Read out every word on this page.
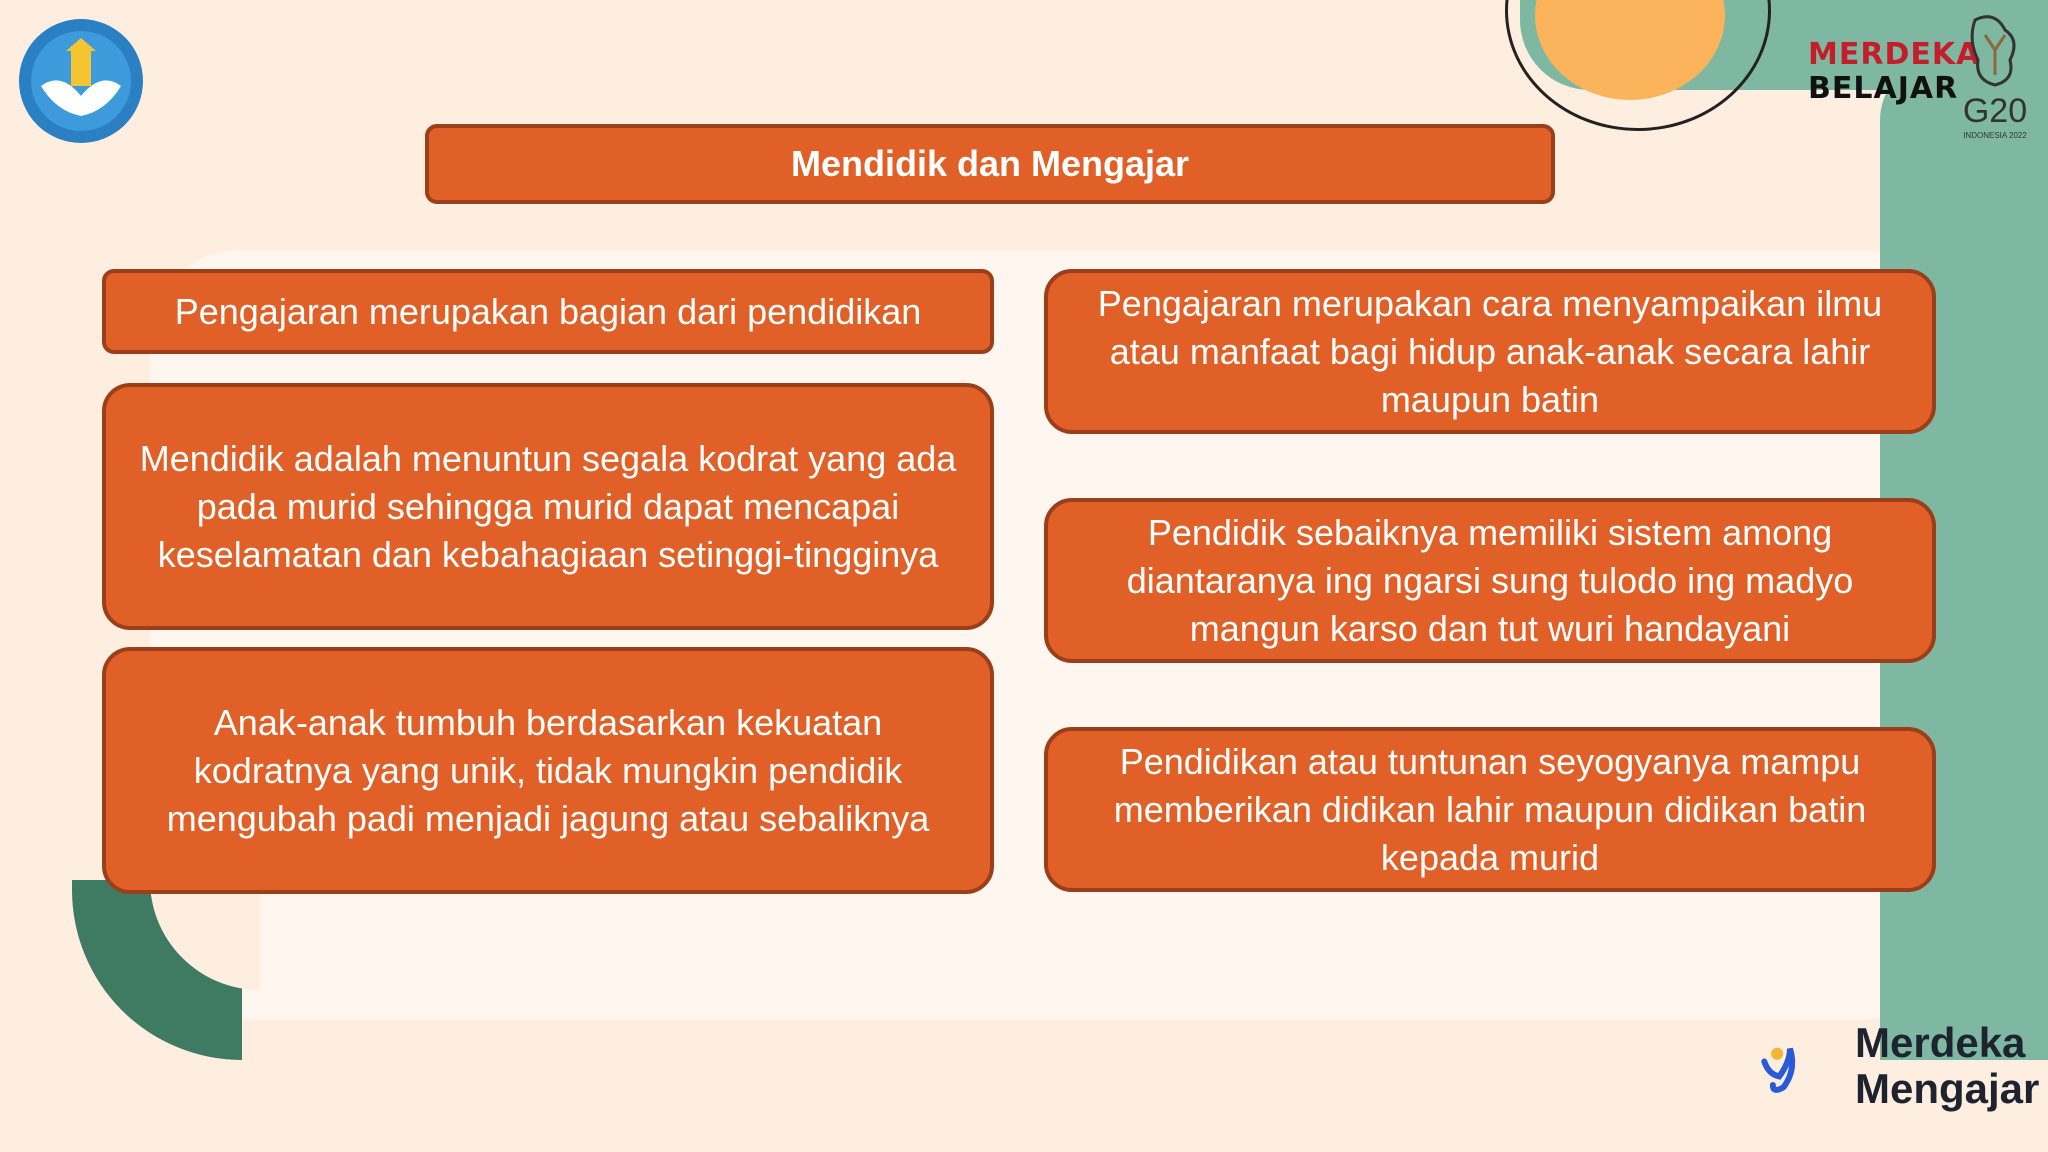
MERDEKA
BELAJAR
G20
INDONESIA 2022
Mendidik dan Mengajar
Pengajaran merupakan bagian dari pendidikan
Mendidik adalah menuntun segala kodrat yang ada pada murid sehingga murid dapat mencapai keselamatan dan kebahagiaan setinggi-tingginya
Anak-anak tumbuh berdasarkan kekuatan kodratnya yang unik, tidak mungkin pendidik mengubah padi menjadi jagung atau sebaliknya
Pengajaran merupakan cara menyampaikan ilmu atau manfaat bagi hidup anak-anak secara lahir maupun batin
Pendidik sebaiknya memiliki sistem among diantaranya ing ngarsi sung tulodo ing madyo mangun karso dan tut wuri handayani
Pendidikan atau tuntunan seyogyanya mampu memberikan didikan lahir maupun didikan batin kepada murid
Merdeka
Mengajar
